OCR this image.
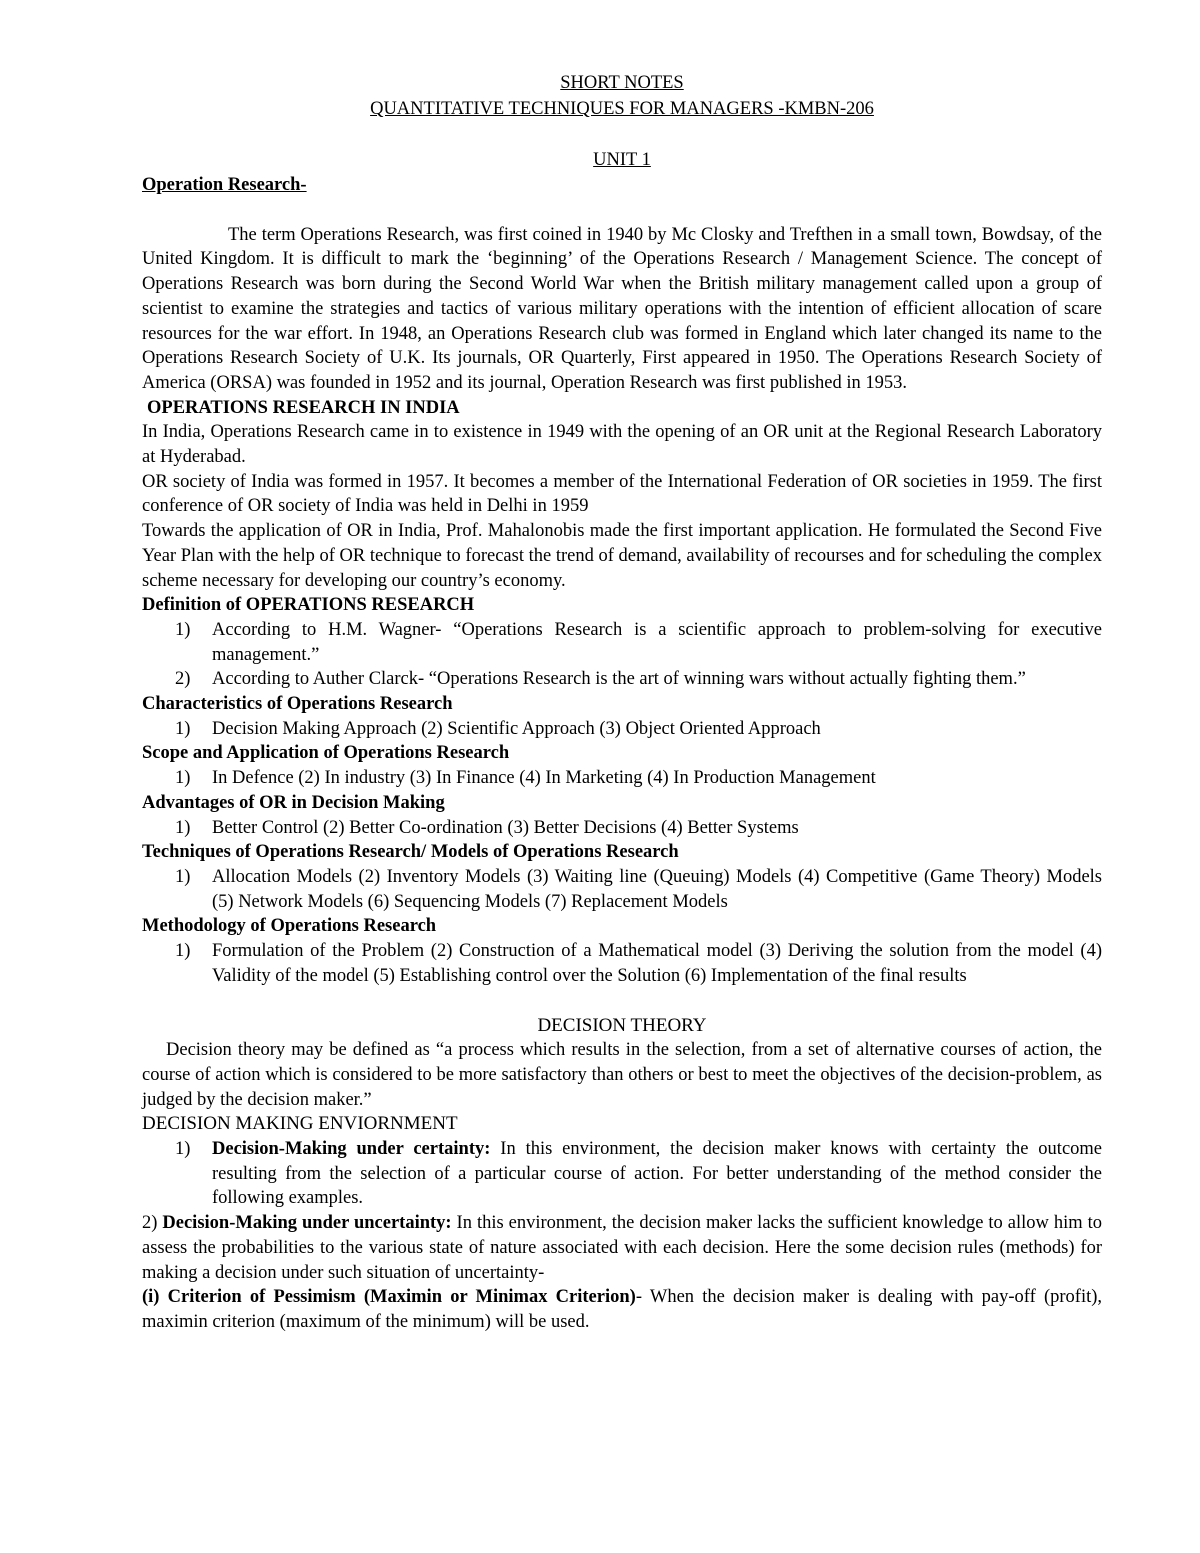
SHORT NOTES
QUANTITATIVE TECHNIQUES FOR MANAGERS -KMBN-206
UNIT 1
Operation Research-

The term Operations Research, was first coined in 1940 by Mc Closky and Trefthen in a small town, Bowdsay, of the United Kingdom. It is difficult to mark the ‘beginning’ of the Operations Research / Management Science. The concept of Operations Research was born during the Second World War when the British military management called upon a group of scientist to examine the strategies and tactics of various military operations with the intention of efficient allocation of scare resources for the war effort. In 1948, an Operations Research club was formed in England which later changed its name to the Operations Research Society of U.K. Its journals, OR Quarterly, First appeared in 1950. The Operations Research Society of America (ORSA) was founded in 1952 and its journal, Operation Research was first published in 1953.

OPERATIONS RESEARCH IN INDIA

In India, Operations Research came in to existence in 1949 with the opening of an OR unit at the Regional Research Laboratory at Hyderabad.

OR society of India was formed in 1957. It becomes a member of the International Federation of OR societies in 1959. The first conference of OR society of India was held in Delhi in 1959

Towards the application of OR in India, Prof. Mahalonobis made the first important application. He formulated the Second Five Year Plan with the help of OR technique to forecast the trend of demand, availability of recourses and for scheduling the complex scheme necessary for developing our country’s economy.

Definition of OPERATIONS RESEARCH
1)	According to H.M. Wagner- “Operations Research is a scientific approach to problem-solving for executive management.”
2)	According to Auther Clarck- “Operations Research is the art of winning wars without actually fighting them.”
Characteristics of Operations Research
1)	Decision Making Approach (2) Scientific Approach (3) Object Oriented Approach
Scope and Application of Operations Research
1)	In Defence (2) In industry (3) In Finance (4) In Marketing (4) In Production Management
Advantages of OR in Decision Making
1)	Better Control (2) Better Co-ordination (3) Better Decisions (4) Better Systems
Techniques of Operations Research/ Models of Operations Research
1)	Allocation Models (2) Inventory Models (3) Waiting line (Queuing) Models (4) Competitive (Game Theory) Models (5) Network Models (6) Sequencing Models (7) Replacement Models
Methodology of Operations Research
1)	Formulation of the Problem (2) Construction of a Mathematical model (3) Deriving the solution from the model (4) Validity of the model (5) Establishing control over the Solution (6) Implementation of the final results
DECISION THEORY

Decision theory may be defined as “a process which results in the selection, from a set of alternative courses of action, the course of action which is considered to be more satisfactory than others or best to meet the objectives of the decision-problem, as judged by the decision maker.”

DECISION MAKING ENVIORNMENT
1)	Decision-Making under certainty: In this environment, the decision maker knows with certainty the outcome resulting from the selection of a particular course of action. For better understanding of the method consider the following examples.

2) Decision-Making under uncertainty: In this environment, the decision maker lacks the sufficient knowledge to allow him to assess the probabilities to the various state of nature associated with each decision. Here the some decision rules (methods) for making a decision under such situation of uncertainty-

(i) Criterion of Pessimism (Maximin or Minimax Criterion)- When the decision maker is dealing with pay-off (profit), maximin criterion (maximum of the minimum) will be used.
